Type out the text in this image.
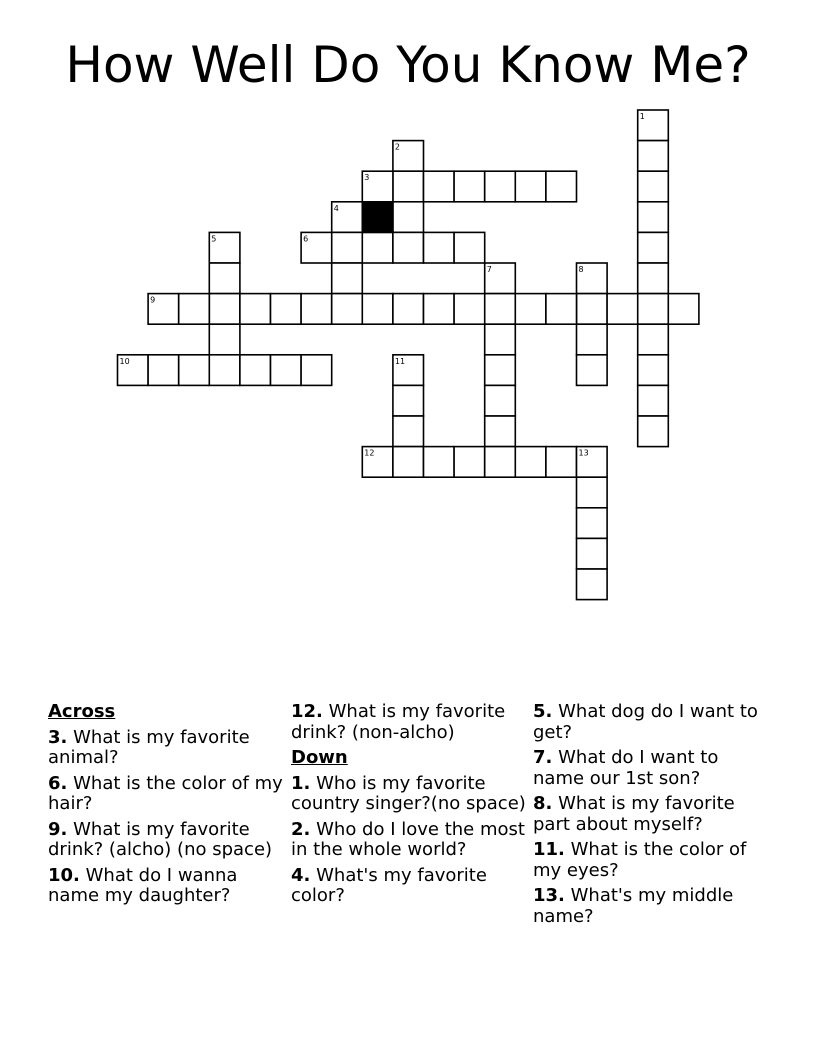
How Well Do You Know Me?
1
2
3
4
5	6
7	8
9
10	11
12	13
Across
3. What is my favorite animal?
6. What is the color of my hair?
9. What is my favorite drink? (alcho) (no space)
10. What do I wanna name my daughter?
12. What is my favorite drink? (non-alcho)
Down
1. Who is my favorite country singer?(no space)
2. Who do I love the most in the whole world?
4. What's my favorite color?
5. What dog do I want to get?
7. What do I want to name our 1st son?
8. What is my favorite part about myself?
11. What is the color of my eyes?
13. What's my middle name?
